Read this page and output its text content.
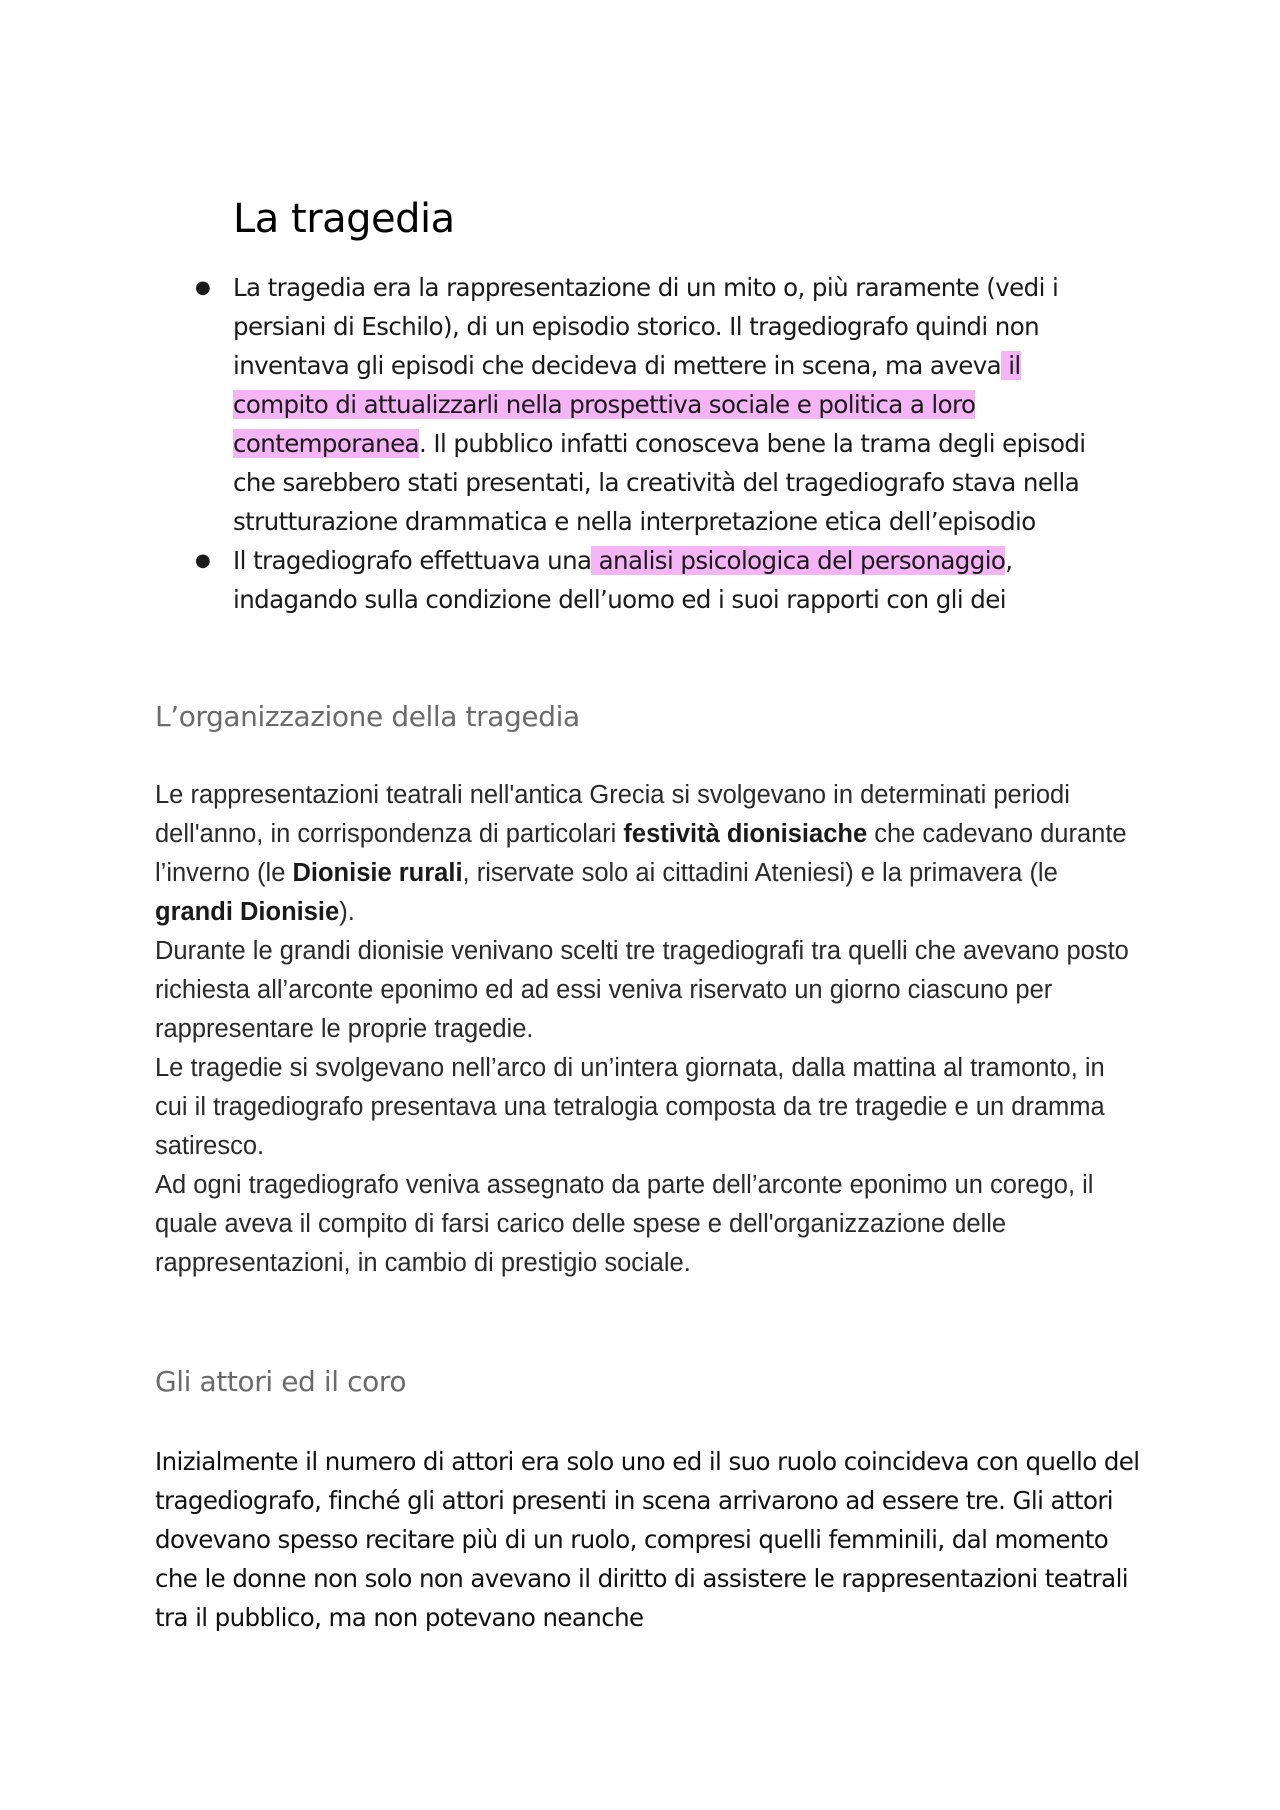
La tragedia
● La tragedia era la rappresentazione di un mito o, più raramente (vedi i persiani di Eschilo), di un episodio storico. Il tragediografo quindi non inventava gli episodi che decideva di mettere in scena, ma aveva il compito di attualizzarli nella prospettiva sociale e politica a loro contemporanea. Il pubblico infatti conosceva bene la trama degli episodi che sarebbero stati presentati, la creatività del tragediografo stava nella strutturazione drammatica e nella interpretazione etica dell’episodio
● Il tragediografo effettuava una analisi psicologica del personaggio, indagando sulla condizione dell’uomo ed i suoi rapporti con gli dei
L’organizzazione della tragedia

Le rappresentazioni teatrali nell'antica Grecia si svolgevano in determinati periodi dell'anno, in corrispondenza di particolari festività dionisiache che cadevano durante l’inverno (le Dionisie rurali, riservate solo ai cittadini Ateniesi) e la primavera (le grandi Dionisie).

Durante le grandi dionisie venivano scelti tre tragediografi tra quelli che avevano posto richiesta all’arconte eponimo ed ad essi veniva riservato un giorno ciascuno per rappresentare le proprie tragedie.

Le tragedie si svolgevano nell’arco di un’intera giornata, dalla mattina al tramonto, in cui il tragediografo presentava una tetralogia composta da tre tragedie e un dramma satiresco.

Ad ogni tragediografo veniva assegnato da parte dell’arconte eponimo un corego, il quale aveva il compito di farsi carico delle spese e dell'organizzazione delle rappresentazioni, in cambio di prestigio sociale.

Gli attori ed il coro

Inizialmente il numero di attori era solo uno ed il suo ruolo coincideva con quello del tragediografo, finché gli attori presenti in scena arrivarono ad essere tre. Gli attori dovevano spesso recitare più di un ruolo, compresi quelli femminili, dal momento che le donne non solo non avevano il diritto di assistere le rappresentazioni teatrali tra il pubblico, ma non potevano neanche
